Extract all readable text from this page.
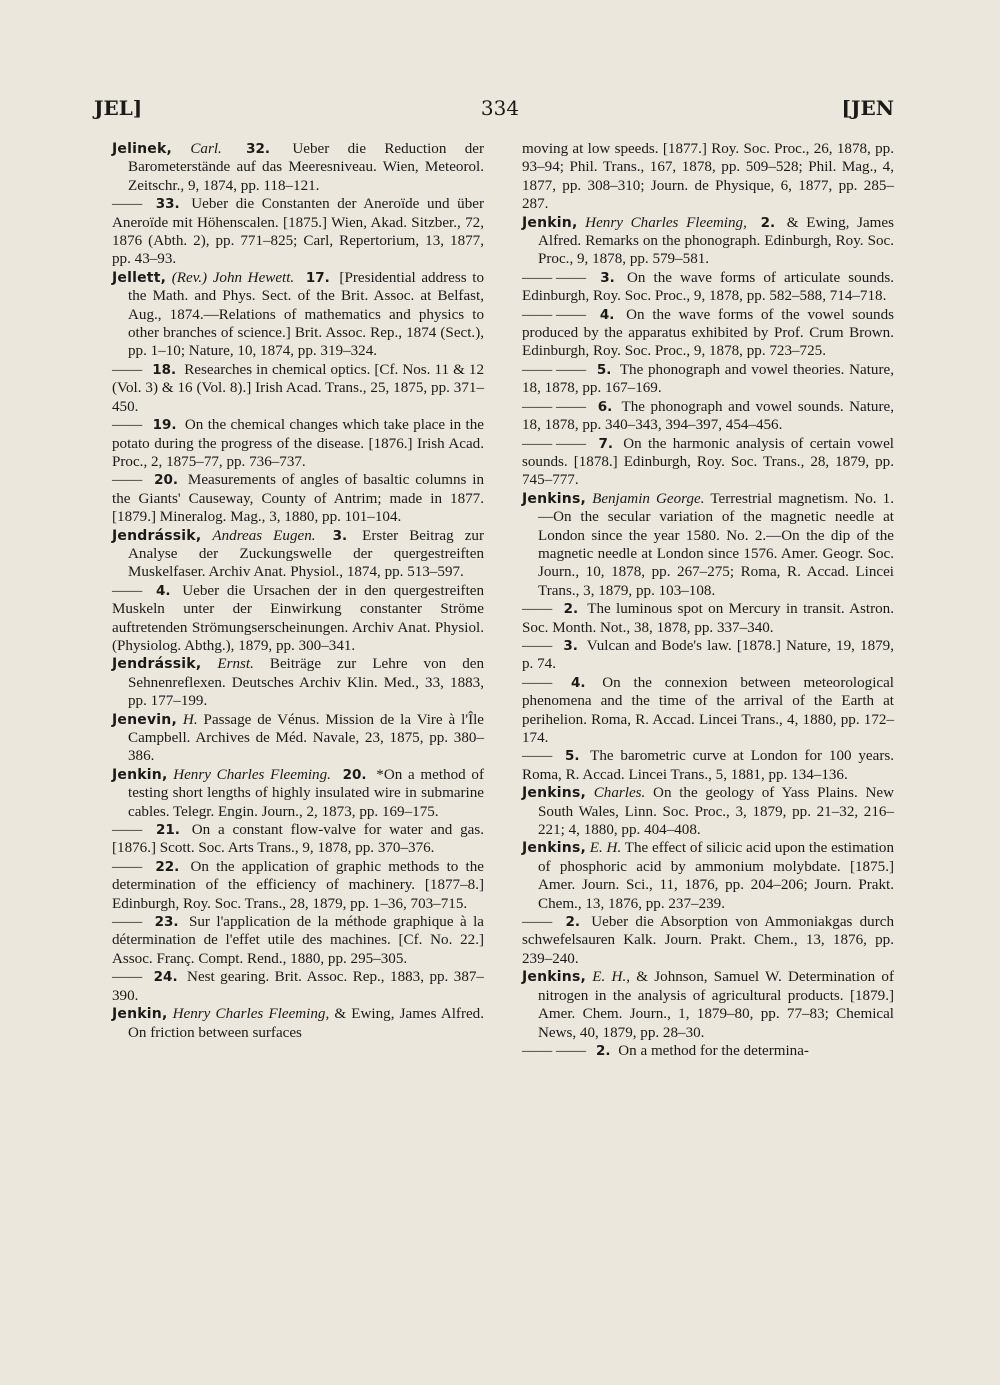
JEL]	334	[JEN

Jelinek, Carl. 32. Ueber die Reduction der Barometerstände auf das Meeresniveau. Wien, Meteorol. Zeitschr., 9, 1874, pp. 118–121.

—— 33. Ueber die Constanten der Aneroïde und über Aneroïde mit Höhenscalen. [1875.] Wien, Akad. Sitzber., 72, 1876 (Abth. 2), pp. 771–825; Carl, Repertorium, 13, 1877, pp. 43–93.

Jellett, (Rev.) John Hewett. 17. [Presidential address to the Math. and Phys. Sect. of the Brit. Assoc. at Belfast, Aug., 1874.—Relations of mathematics and physics to other branches of science.] Brit. Assoc. Rep., 1874 (Sect.), pp. 1–10; Nature, 10, 1874, pp. 319–324.

—— 18. Researches in chemical optics. [Cf. Nos. 11 & 12 (Vol. 3) & 16 (Vol. 8).] Irish Acad. Trans., 25, 1875, pp. 371–450.

—— 19. On the chemical changes which take place in the potato during the progress of the disease. [1876.] Irish Acad. Proc., 2, 1875–77, pp. 736–737.

—— 20. Measurements of angles of basaltic columns in the Giants' Causeway, County of Antrim; made in 1877. [1879.] Mineralog. Mag., 3, 1880, pp. 101–104.

Jendrássik, Andreas Eugen. 3. Erster Beitrag zur Analyse der Zuckungswelle der quergestreiften Muskelfaser. Archiv Anat. Physiol., 1874, pp. 513–597.

—— 4. Ueber die Ursachen der in den quergestreiften Muskeln unter der Einwirkung constanter Ströme auftretenden Strömungserscheinungen. Archiv Anat. Physiol. (Physiolog. Abthg.), 1879, pp. 300–341.

Jendrássik, Ernst. Beiträge zur Lehre von den Sehnenreflexen. Deutsches Archiv Klin. Med., 33, 1883, pp. 177–199.

Jenevin, H. Passage de Vénus. Mission de la Vire à l'Île Campbell. Archives de Méd. Navale, 23, 1875, pp. 380–386.

Jenkin, Henry Charles Fleeming. 20. *On a method of testing short lengths of highly insulated wire in submarine cables. Telegr. Engin. Journ., 2, 1873, pp. 169–175.

—— 21. On a constant flow-valve for water and gas. [1876.] Scott. Soc. Arts Trans., 9, 1878, pp. 370–376.

—— 22. On the application of graphic methods to the determination of the efficiency of machinery. [1877–8.] Edinburgh, Roy. Soc. Trans., 28, 1879, pp. 1–36, 703–715.

—— 23. Sur l'application de la méthode graphique à la détermination de l'effet utile des machines. [Cf. No. 22.] Assoc. Franç. Compt. Rend., 1880, pp. 295–305.

—— 24. Nest gearing. Brit. Assoc. Rep., 1883, pp. 387–390.

Jenkin, Henry Charles Fleeming, & Ewing, James Alfred. On friction between surfaces

moving at low speeds. [1877.] Roy. Soc. Proc., 26, 1878, pp. 93–94; Phil. Trans., 167, 1878, pp. 509–528; Phil. Mag., 4, 1877, pp. 308–310; Journ. de Physique, 6, 1877, pp. 285–287.

Jenkin, Henry Charles Fleeming, 2. & Ewing, James Alfred. Remarks on the phonograph. Edinburgh, Roy. Soc. Proc., 9, 1878, pp. 579–581.

—— —— 3. On the wave forms of articulate sounds. Edinburgh, Roy. Soc. Proc., 9, 1878, pp. 582–588, 714–718.

—— —— 4. On the wave forms of the vowel sounds produced by the apparatus exhibited by Prof. Crum Brown. Edinburgh, Roy. Soc. Proc., 9, 1878, pp. 723–725.

—— —— 5. The phonograph and vowel theories. Nature, 18, 1878, pp. 167–169.

—— —— 6. The phonograph and vowel sounds. Nature, 18, 1878, pp. 340–343, 394–397, 454–456.

—— —— 7. On the harmonic analysis of certain vowel sounds. [1878.] Edinburgh, Roy. Soc. Trans., 28, 1879, pp. 745–777.

Jenkins, Benjamin George. Terrestrial magnetism. No. 1.—On the secular variation of the magnetic needle at London since the year 1580. No. 2.—On the dip of the magnetic needle at London since 1576. Amer. Geogr. Soc. Journ., 10, 1878, pp. 267–275; Roma, R. Accad. Lincei Trans., 3, 1879, pp. 103–108.

—— 2. The luminous spot on Mercury in transit. Astron. Soc. Month. Not., 38, 1878, pp. 337–340.

—— 3. Vulcan and Bode's law. [1878.] Nature, 19, 1879, p. 74.

—— 4. On the connexion between meteorological phenomena and the time of the arrival of the Earth at perihelion. Roma, R. Accad. Lincei Trans., 4, 1880, pp. 172–174.

—— 5. The barometric curve at London for 100 years. Roma, R. Accad. Lincei Trans., 5, 1881, pp. 134–136.

Jenkins, Charles. On the geology of Yass Plains. New South Wales, Linn. Soc. Proc., 3, 1879, pp. 21–32, 216–221; 4, 1880, pp. 404–408.

Jenkins, E. H. The effect of silicic acid upon the estimation of phosphoric acid by ammonium molybdate. [1875.] Amer. Journ. Sci., 11, 1876, pp. 204–206; Journ. Prakt. Chem., 13, 1876, pp. 237–239.

—— 2. Ueber die Absorption von Ammoniakgas durch schwefelsauren Kalk. Journ. Prakt. Chem., 13, 1876, pp. 239–240.

Jenkins, E. H., & Johnson, Samuel W. Determination of nitrogen in the analysis of agricultural products. [1879.] Amer. Chem. Journ., 1, 1879–80, pp. 77–83; Chemical News, 40, 1879, pp. 28–30.

—— —— 2. On a method for the determina-
